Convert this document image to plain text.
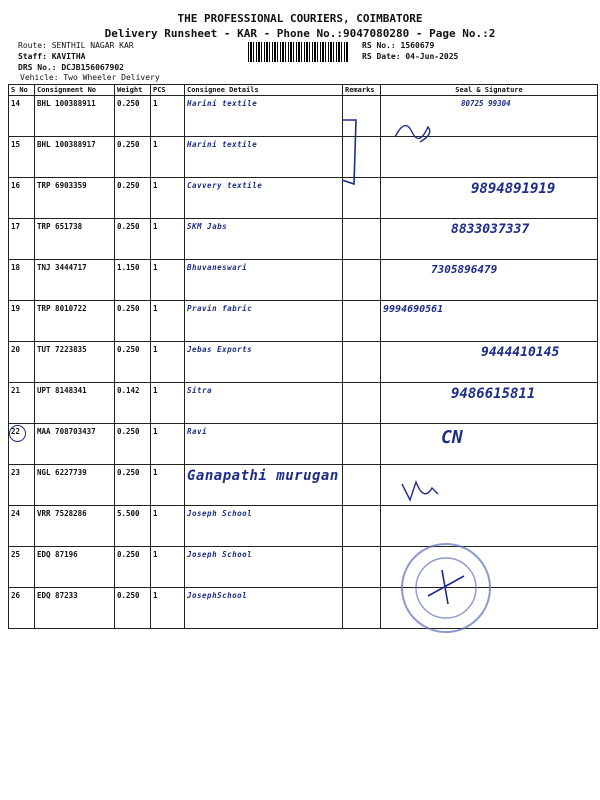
THE PROFESSIONAL COURIERS, COIMBATORE
Delivery Runsheet - KAR - Phone No.:9047080280 - Page No.:2
Route: SENTHIL NAGAR KAR
Staff: KAVITHA
DRS No.: DCJB156067902
Vehicle: Two Wheeler Delivery
RS No.: 1560679
RS Date: 04-Jun-2025
S No	Consignment No	Weight	PCS	Consignee Details	Remarks	Seal & Signature
14	BHL 100388911	0.250	1	Harini textile		80725 99304
15	BHL 100388917	0.250	1	Harini textile		
16	TRP 6903359	0.250	1	Cavvery textile		9894891919
17	TRP 651738	0.250	1	SKM Jabs		8833037337
18	TNJ 3444717	1.150	1	Bhuvaneswari		7305896479
19	TRP 8010722	0.250	1	Pravin fabric		9994690561
20	TUT 7223835	0.250	1	Jebas Exports		9444410145
21	UPT 8148341	0.142	1	Sitra		9486615811
22	MAA 708703437	0.250	1	Ravi		CN
23	NGL 6227739	0.250	1	Ganapathi murugan		
24	VRR 7528286	5.500	1	Joseph School		
25	EDQ 87196	0.250	1	Joseph School		
26	EDQ 87233	0.250	1	JosephSchool		
